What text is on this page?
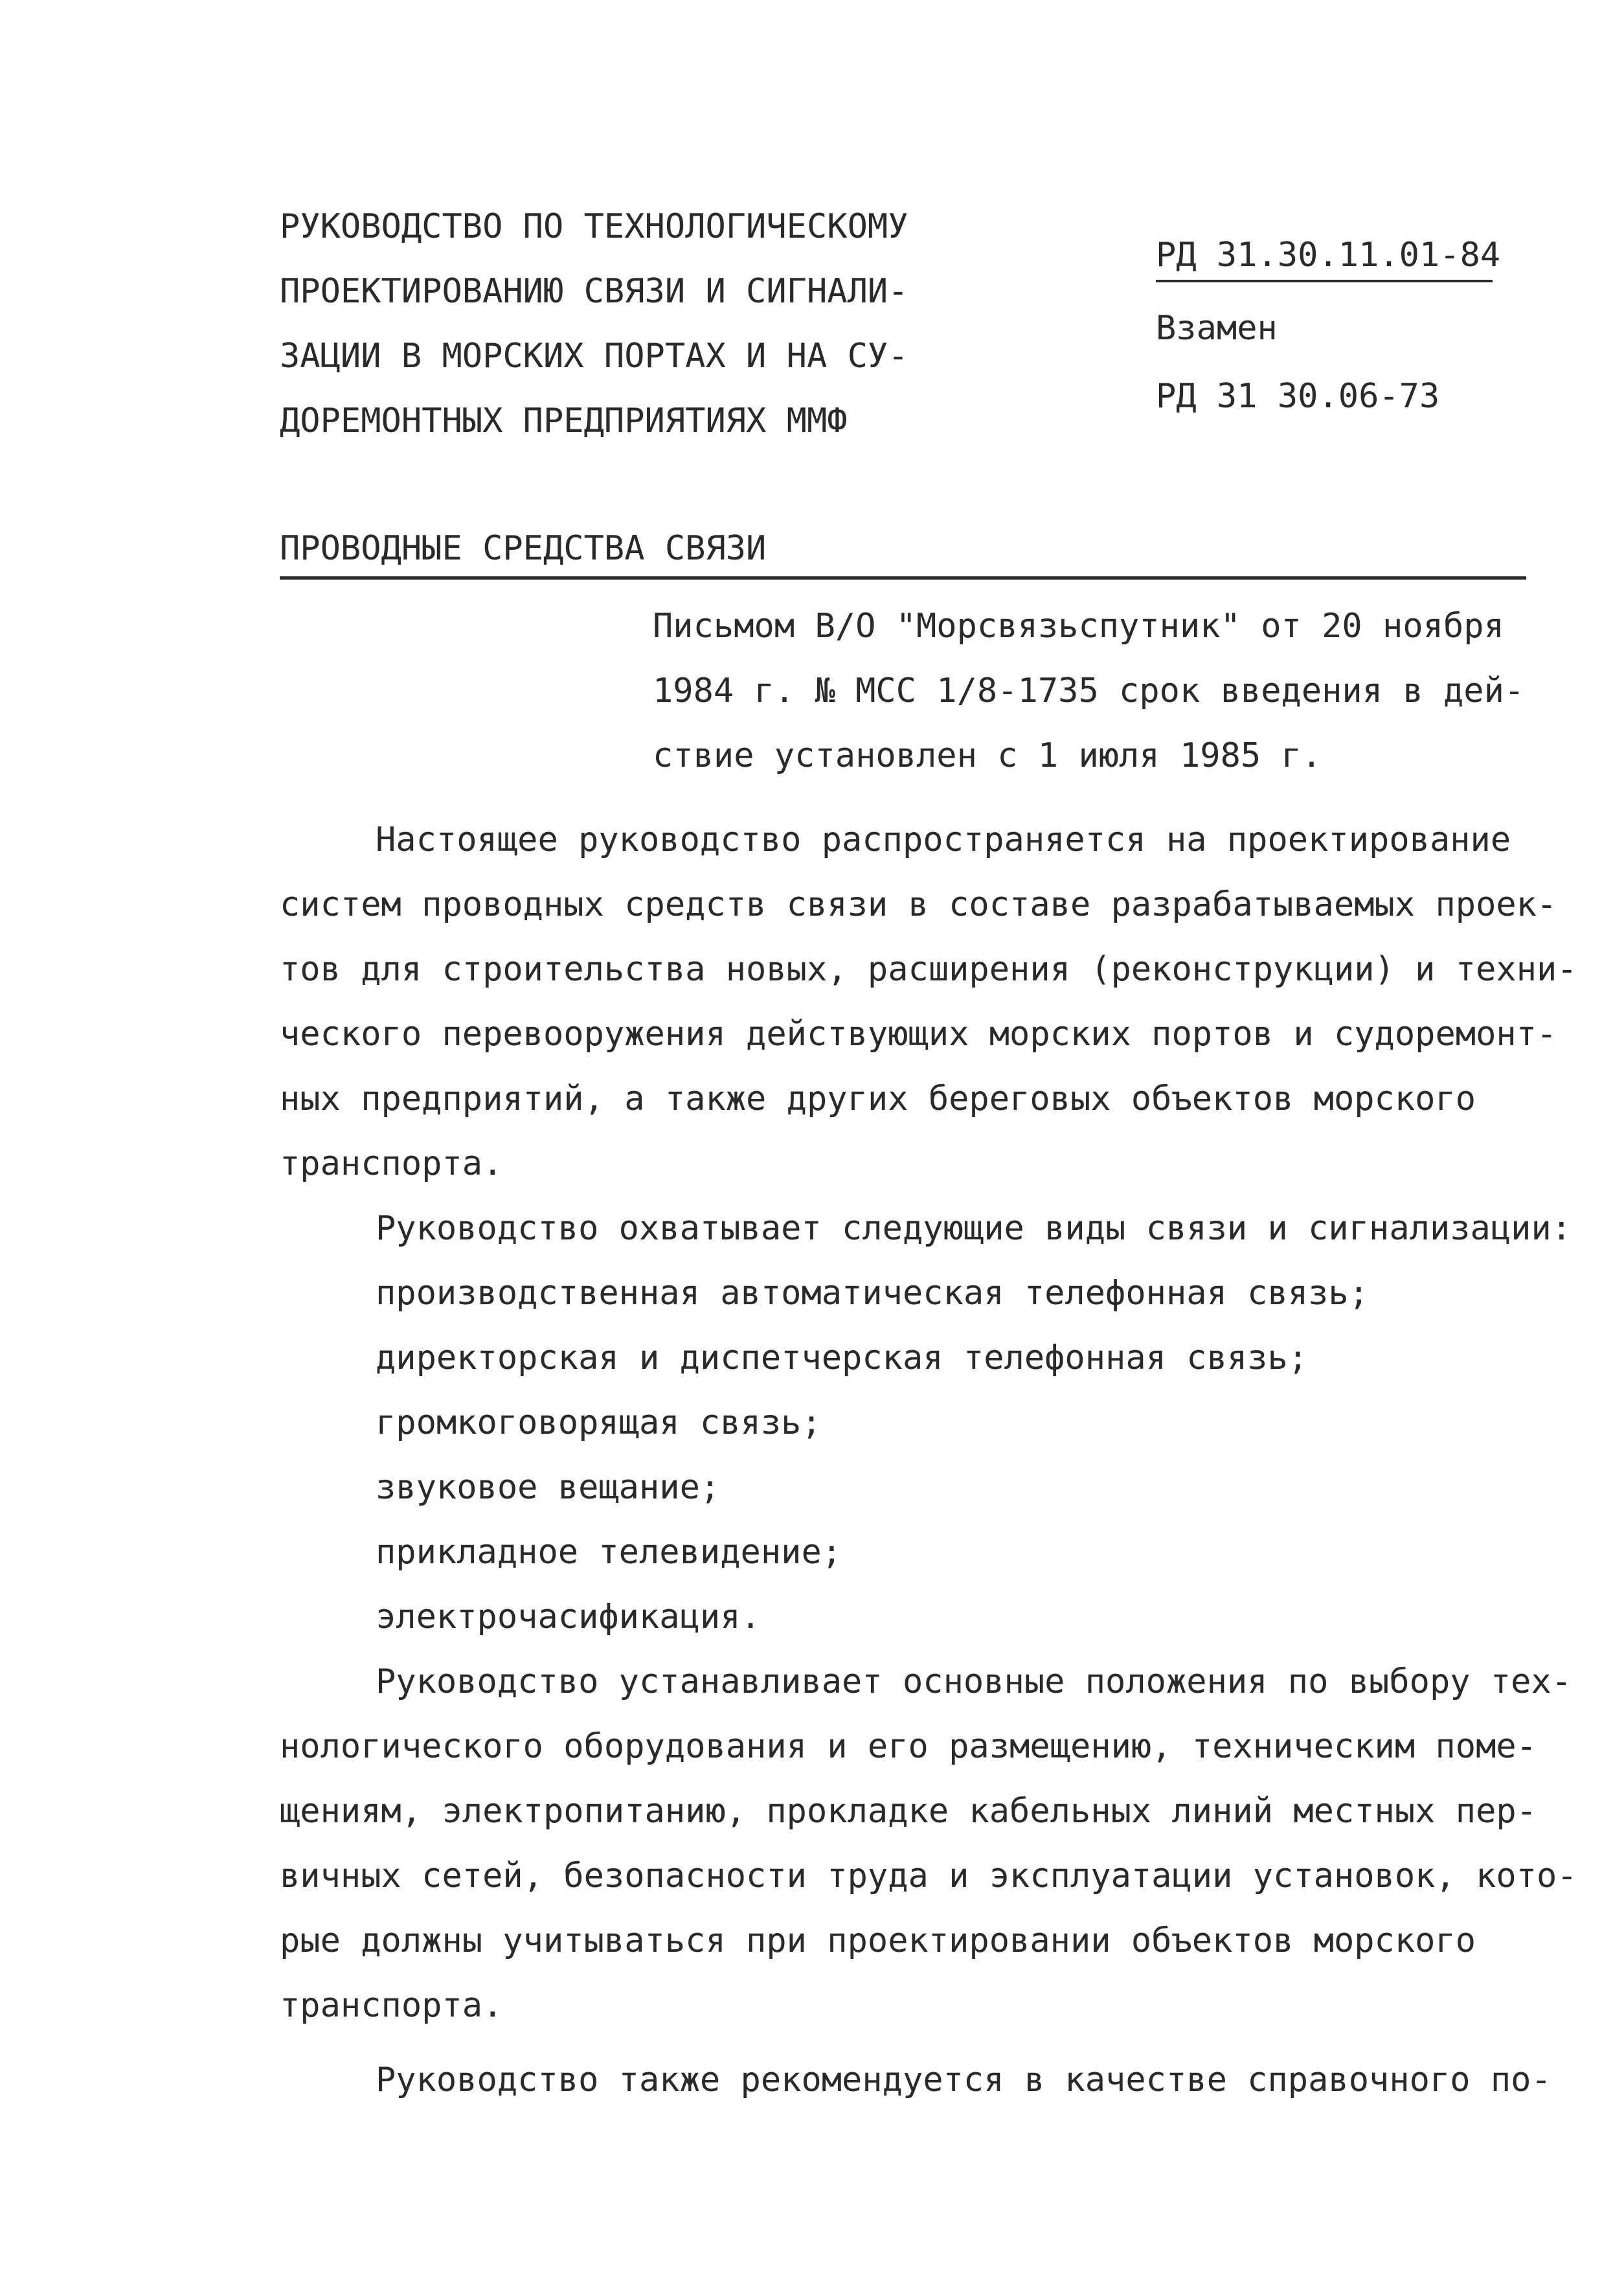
РУКОВОДСТВО ПО ТЕХНОЛОГИЧЕСКОМУ
ПРОЕКТИРОВАНИЮ СВЯЗИ И СИГНАЛИ-
ЗАЦИИ В МОРСКИХ ПОРТАХ И НА СУ-
ДОРЕМОНТНЫХ ПРЕДПРИЯТИЯХ ММФ
РД 31.30.11.01-84
Взамен
РД 31 30.06-73
ПРОВОДНЫЕ СРЕДСТВА СВЯЗИ
Письмом В/О "Морсвязьспутник" от 20 ноября
1984 г. № МСС 1/8-1735 срок введения в дей-
ствие установлен с 1 июля 1985 г.
Настоящее руководство распространяется на проектирование
систем проводных средств связи в составе разрабатываемых проек-
тов для строительства новых, расширения (реконструкции) и техни-
ческого перевооружения действующих морских портов и судоремонт-
ных предприятий, а также других береговых объектов морского
транспорта.
Руководство охватывает следующие виды связи и сигнализации:
производственная автоматическая телефонная связь;
директорская и диспетчерская телефонная связь;
громкоговорящая связь;
звуковое вещание;
прикладное телевидение;
электрочасификация.
Руководство устанавливает основные положения по выбору тех-
нологического оборудования и его размещению, техническим поме-
щениям, электропитанию, прокладке кабельных линий местных пер-
вичных сетей, безопасности труда и эксплуатации установок, кото-
рые должны учитываться при проектировании объектов морского
транспорта.
Руководство также рекомендуется в качестве справочного по-
